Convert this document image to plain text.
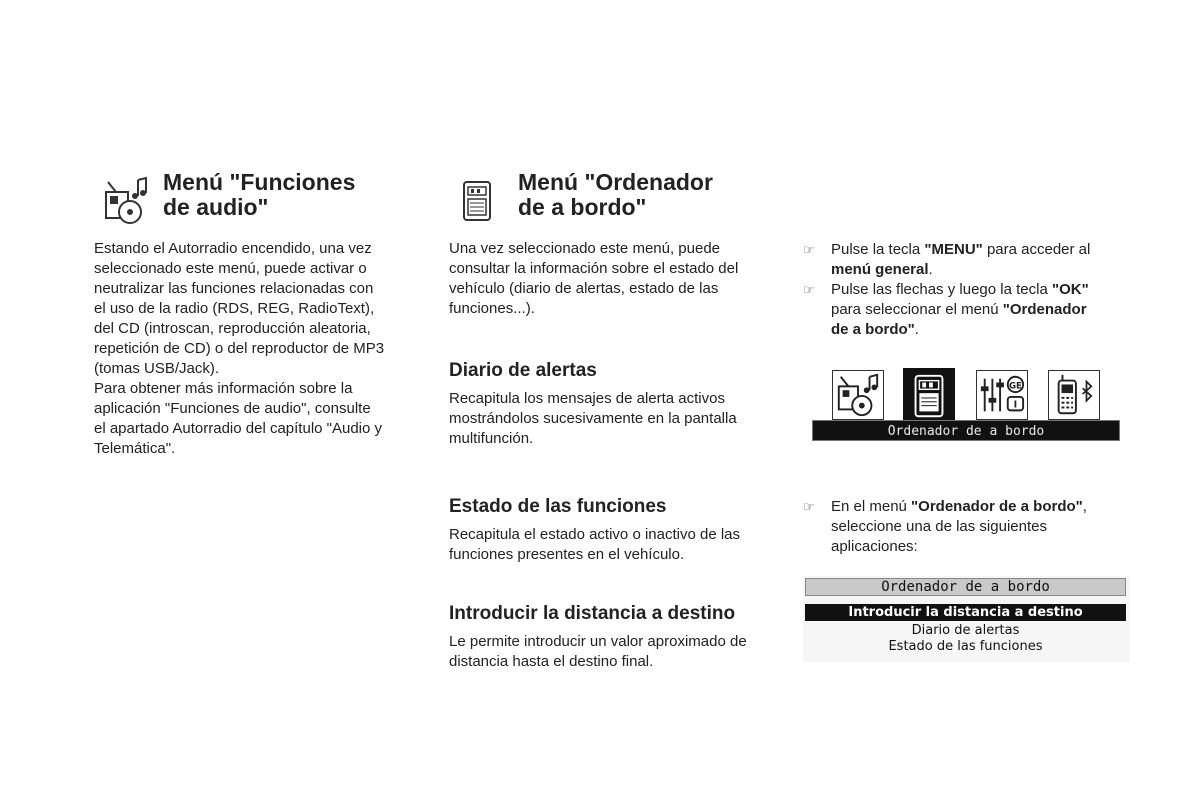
Menú "Funciones
de audio"
Estando el Autorradio encendido, una vez
seleccionado este menú, puede activar o
neutralizar las funciones relacionadas con
el uso de la radio (RDS, REG, RadioText),
del CD (introscan, reproducción aleatoria,
repetición de CD) o del reproductor de MP3
(tomas USB/Jack).
Para obtener más información sobre la
aplicación "Funciones de audio", consulte
el apartado Autorradio del capítulo "Audio y
Telemática".
Menú "Ordenador
de a bordo"
Una vez seleccionado este menú, puede
consultar la información sobre el estado del
vehículo (diario de alertas, estado de las
funciones...).
Diario de alertas
Recapitula los mensajes de alerta activos
mostrándolos sucesivamente en la pantalla
multifunción.
Estado de las funciones
Recapitula el estado activo o inactivo de las
funciones presentes en el vehículo.
Introducir la distancia a destino
Le permite introducir un valor aproximado de
distancia hasta el destino final.
☞ Pulse la tecla "MENU" para acceder al
menú general.
☞ Pulse las flechas y luego la tecla "OK"
para seleccionar el menú "Ordenador
de a bordo".
GE
I
Ordenador de a bordo
☞ En el menú "Ordenador de a bordo",
seleccione una de las siguientes
aplicaciones:
Ordenador de a bordo
Introducir la distancia a destino
Diario de alertas
Estado de las funciones
